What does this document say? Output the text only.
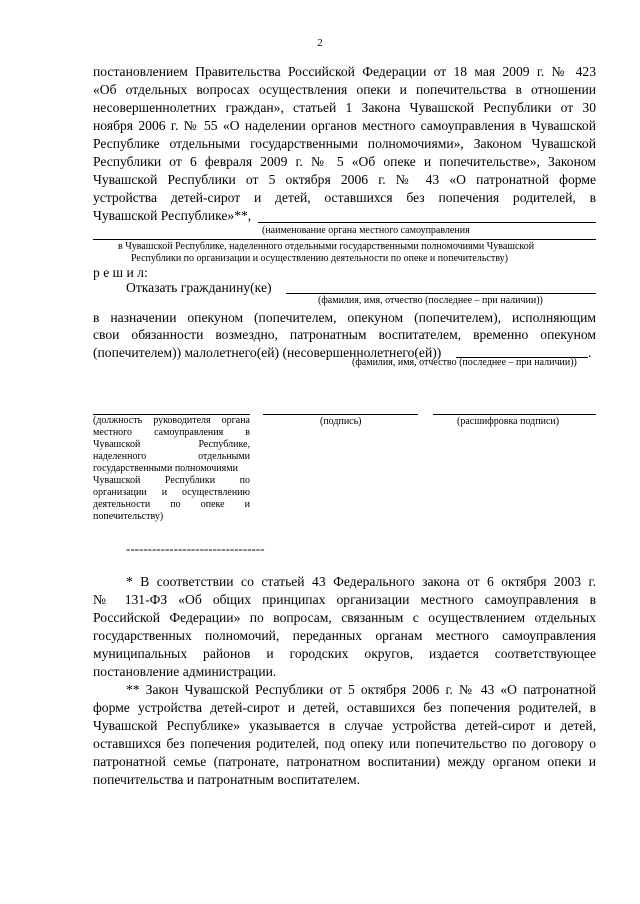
2
постановлением Правительства Российской Федерации от 18 мая 2009 г. № 423
«Об отдельных вопросах осуществления опеки и попечительства в отношении
несовершеннолетних граждан», статьей 1 Закона Чувашской Республики от 30
ноября 2006 г. № 55 «О наделении органов местного самоуправления в Чувашской
Республике отдельными государственными полномочиями», Законом Чувашской
Республики от 6 февраля 2009 г. № 5 «Об опеке и попечительстве», Законом
Чувашской Республики от 5 октября 2006 г. № 43 «О патронатной форме
устройства детей-сирот и детей, оставшихся без попечения родителей, в
Чувашской Республике»**,
(наименование органа местного самоуправления
в Чувашской Республике, наделенного отдельными государственными полномочиями Чувашской
Республики по организации и осуществлению деятельности по опеке и попечительству)
р е ш и л:
Отказать гражданину(ке)
(фамилия, имя, отчество (последнее – при наличии))
в назначении опекуном (попечителем, опекуном (попечителем), исполняющим
свои обязанности возмездно, патронатным воспитателем, временно опекуном
(попечителем)) малолетнего(ей) (несовершеннолетнего(ей))	.
(фамилия, имя, отчество (последнее – при наличии))
(должность руководителя органа
местного самоуправления в
Чувашской Республике,
наделенного отдельными
государственными полномочиями
Чувашской Республики по
организации и осуществлению
деятельности по опеке и
попечительству)
(подпись)	(расшифровка подписи)
--------------------------------
* В соответствии со статьей 43 Федерального закона от 6 октября 2003 г.
№ 131-ФЗ «Об общих принципах организации местного самоуправления в
Российской Федерации» по вопросам, связанным с осуществлением отдельных
государственных полномочий, переданных органам местного самоуправления
муниципальных районов и городских округов, издается соответствующее
постановление администрации.
** Закон Чувашской Республики от 5 октября 2006 г. № 43 «О патронатной
форме устройства детей-сирот и детей, оставшихся без попечения родителей, в
Чувашской Республике» указывается в случае устройства детей-сирот и детей,
оставшихся без попечения родителей, под опеку или попечительство по договору о
патронатной семье (патронате, патронатном воспитании) между органом опеки и
попечительства и патронатным воспитателем.
